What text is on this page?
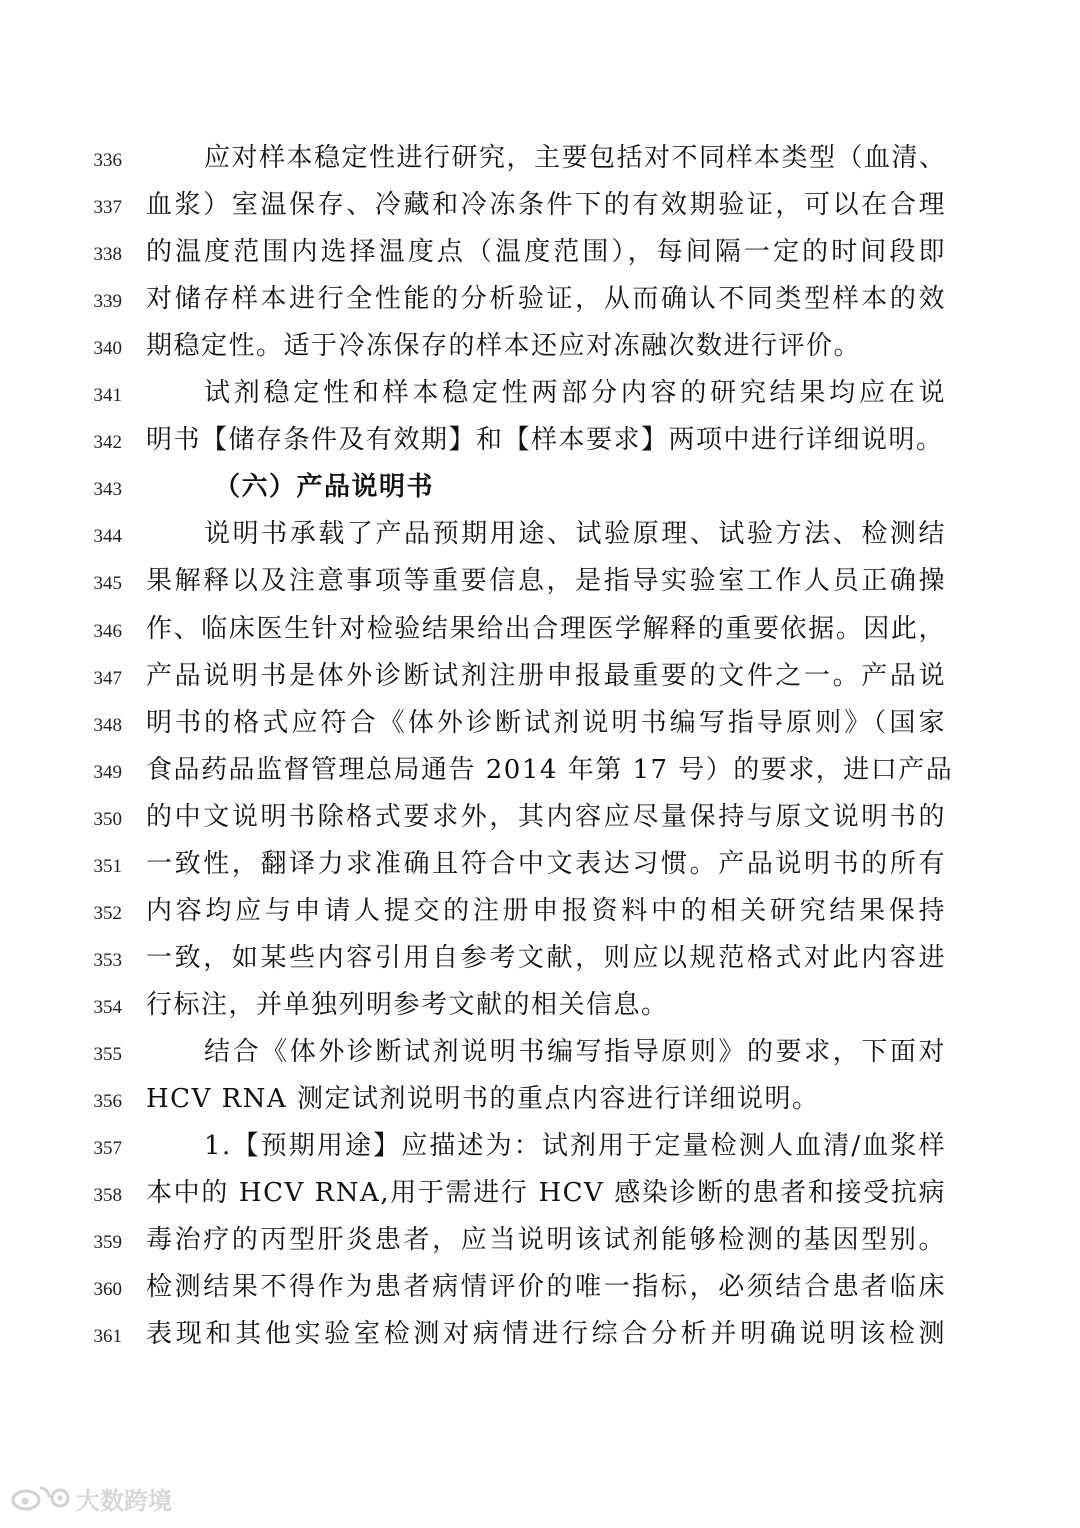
336	应对样本稳定性进行研究，主要包括对不同样本类型（血清、
337 血浆）室温保存、冷藏和冷冻条件下的有效期验证，可以在合理
338 的温度范围内选择温度点（温度范围），每间隔一定的时间段即
339 对储存样本进行全性能的分析验证，从而确认不同类型样本的效
340 期稳定性。适于冷冻保存的样本还应对冻融次数进行评价。
341	试剂稳定性和样本稳定性两部分内容的研究结果均应在说
342 明书【储存条件及有效期】和【样本要求】两项中进行详细说明。
343	（六）产品说明书
344	说明书承载了产品预期用途、试验原理、试验方法、检测结
345 果解释以及注意事项等重要信息，是指导实验室工作人员正确操
346 作、临床医生针对检验结果给出合理医学解释的重要依据。因此，
347 产品说明书是体外诊断试剂注册申报最重要的文件之一。产品说
348 明书的格式应符合《体外诊断试剂说明书编写指导原则》（国家
349 食品药品监督管理总局通告 2014 年第 17 号）的要求，进口产品
350 的中文说明书除格式要求外，其内容应尽量保持与原文说明书的
351 一致性，翻译力求准确且符合中文表达习惯。产品说明书的所有
352 内容均应与申请人提交的注册申报资料中的相关研究结果保持
353 一致，如某些内容引用自参考文献，则应以规范格式对此内容进
354 行标注，并单独列明参考文献的相关信息。
355	结合《体外诊断试剂说明书编写指导原则》的要求，下面对
356 HCV RNA 测定试剂说明书的重点内容进行详细说明。
357	1.【预期用途】应描述为：试剂用于定量检测人血清/血浆样
358 本中的 HCV RNA,用于需进行 HCV 感染诊断的患者和接受抗病
359 毒治疗的丙型肝炎患者，应当说明该试剂能够检测的基因型别。
360 检测结果不得作为患者病情评价的唯一指标，必须结合患者临床
361 表现和其他实验室检测对病情进行综合分析并明确说明该检测
大数跨境
